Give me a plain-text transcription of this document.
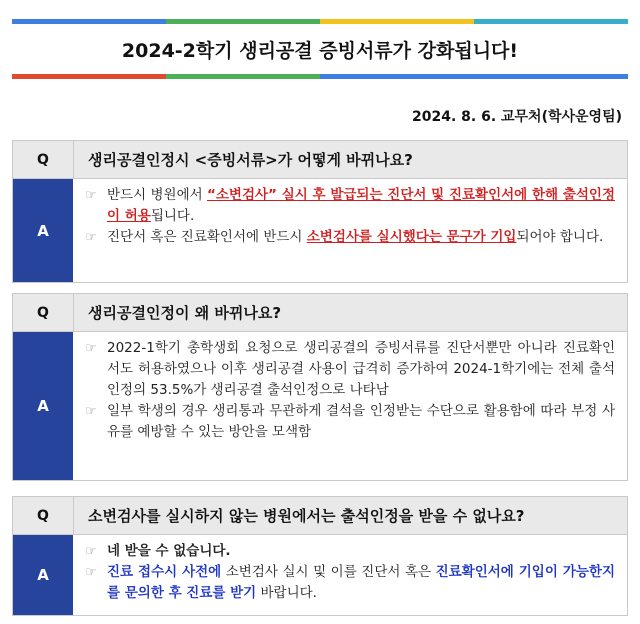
2024-2학기 생리공결 증빙서류가 강화됩니다!
2024. 8. 6. 교무처(학사운영팀)
Q	생리공결인정시 <증빙서류>가 어떻게 바뀌나요?
A
☞ 반드시 병원에서 “소변검사” 실시 후 발급되는 진단서 및 진료확인서에 한해 출석인정이 허용됩니다.
☞ 진단서 혹은 진료확인서에 반드시 소변검사를 실시했다는 문구가 기입되어야 합니다.
Q	생리공결인정이 왜 바뀌나요?
A
☞ 2022-1학기 총학생회 요청으로 생리공결의 증빙서류를 진단서뿐만 아니라 진료확인서도 허용하였으나 이후 생리공결 사용이 급격히 증가하여 2024-1학기에는 전체 출석인정의 53.5%가 생리공결 출석인정으로 나타남
☞ 일부 학생의 경우 생리통과 무관하게 결석을 인정받는 수단으로 활용함에 따라 부정 사유를 예방할 수 있는 방안을 모색함
Q	소변검사를 실시하지 않는 병원에서는 출석인정을 받을 수 없나요?
A
☞ 네 받을 수 없습니다.
☞ 진료 접수시 사전에 소변검사 실시 및 이를 진단서 혹은 진료확인서에 기입이 가능한지를 문의한 후 진료를 받기 바랍니다.
